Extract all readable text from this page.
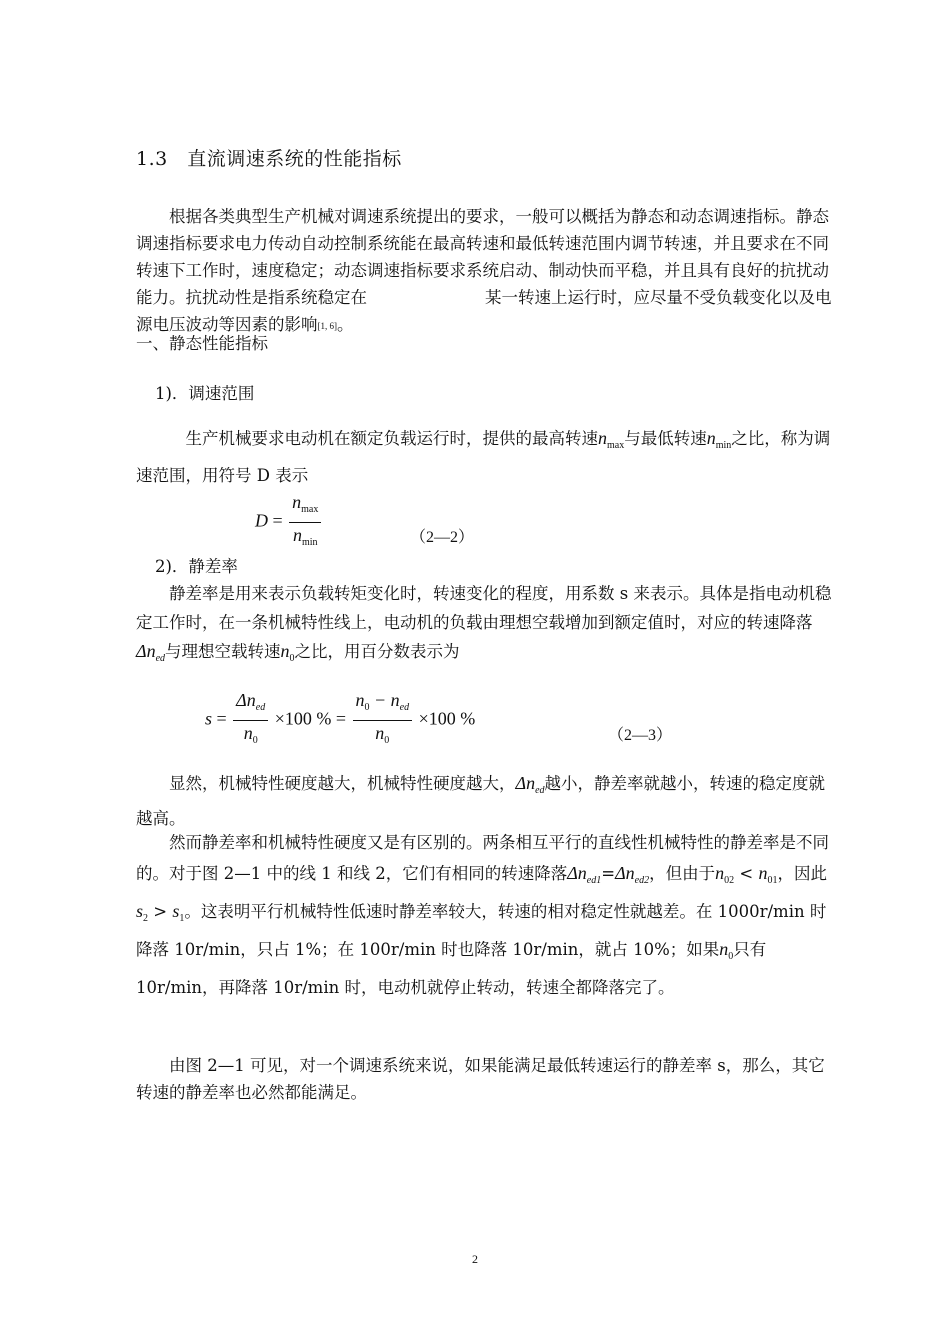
1.3　直流调速系统的性能指标
根据各类典型生产机械对调速系统提出的要求，一般可以概括为静态和动态调速指标。静态调速指标要求电力传动自动控制系统能在最高转速和最低转速范围内调节转速，并且要求在不同转速下工作时，速度稳定；动态调速指标要求系统启动、制动快而平稳，并且具有良好的抗扰动能力。抗扰动性是指系统稳定在	某一转速上运行时，应尽量不受负载变化以及电源电压波动等因素的影响[1, 6]。
一、静态性能指标
1)．调速范围
生产机械要求电动机在额定负载运行时，提供的最高转速$n_{max}$与最低转速$n_{min}$之比，称为调速范围，用符号 D 表示
$D = \frac{n_{max}}{n_{min}}$	（2—2）
2)．静差率
静差率是用来表示负载转矩变化时，转速变化的程度，用系数 s 来表示。具体是指电动机稳定工作时，在一条机械特性线上，电动机的负载由理想空载增加到额定值时，对应的转速降落$\Delta n_{ed}$与理想空载转速$n_0$之比，用百分数表示为
$s = \frac{\Delta n_{ed}}{n_0} \times 100$ % = $\frac{n_0 - n_{ed}}{n_0} \times 100$ %
（2—3）
显然，机械特性硬度越大，机械特性硬度越大，$\Delta n_{ed}$越小，静差率就越小，转速的稳定度就越高。
然而静差率和机械特性硬度又是有区别的。两条相互平行的直线性机械特性的静差率是不同的。对于图 2—1 中的线 1 和线 2，它们有相同的转速降落$\Delta n_{ed1}=\Delta n_{ed2}$，但由于$n_{02} < n_{01}$，因此$s_2 > s_1$。这表明平行机械特性低速时静差率较大，转速的相对稳定性就越差。在 1000r/min 时降落 10r/min，只占 1%；在 100r/min 时也降落 10r/min，就占 10%；如果$n_0$只有 10r/min，再降落 10r/min 时，电动机就停止转动，转速全都降落完了。
由图 2—1 可见，对一个调速系统来说，如果能满足最低转速运行的静差率 s，那么，其它转速的静差率也必然都能满足。
2
